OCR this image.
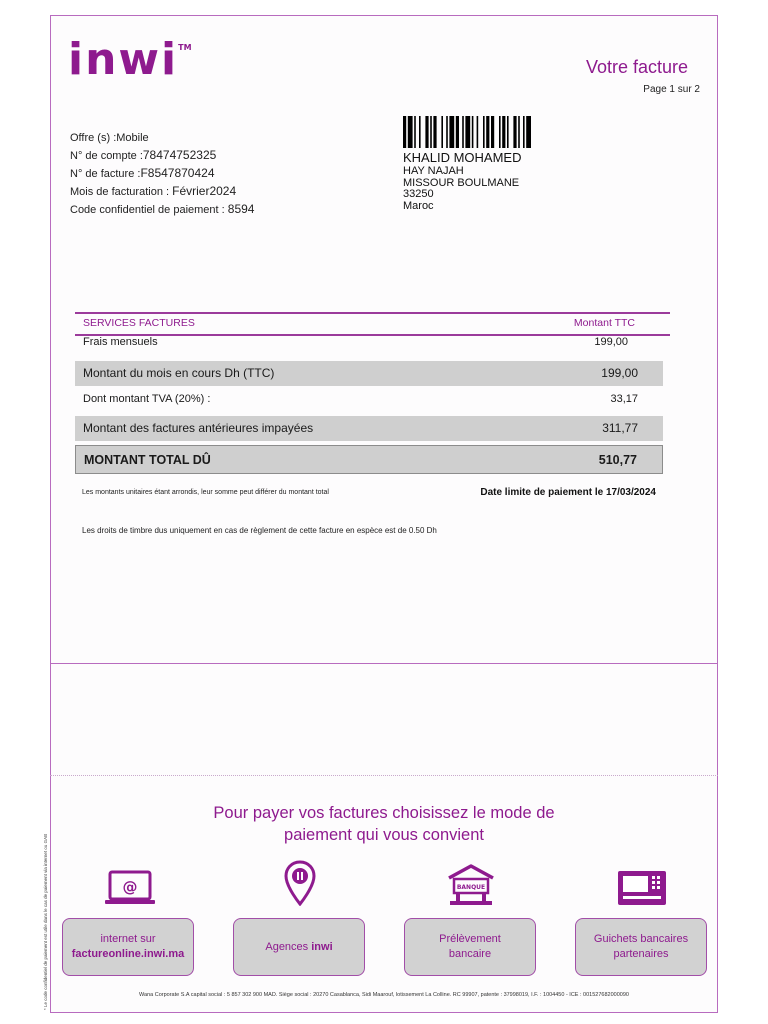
inwi™
Votre facture
Page 1 sur 2
Offre (s) :Mobile
N° de compte :78474752325
N° de facture :F8547870424
Mois de facturation : Février2024
Code confidentiel de paiement : 8594
KHALID MOHAMED
HAY NAJAH
MISSOUR BOULMANE
33250
Maroc
SERVICES FACTURES	Montant TTC
Frais mensuels	199,00
Montant du mois en cours Dh (TTC)	199,00
Dont montant TVA (20%) :	33,17
Montant des factures antérieures impayées	311,77
MONTANT TOTAL DÛ	510,77
Les montants unitaires étant arrondis, leur somme peut différer du montant total	Date limite de paiement le 17/03/2024
Les droits de timbre dus uniquement en cas de règlement de cette facture en espèce est de 0.50 Dh
* Le code confidentiel de paiement est utile dans le cas de paiement via internet ou GAB
Pour payer vos factures choisissez le mode de
paiement qui vous convient
@	BANQUE
internet sur
factureonline.inwi.ma
Agences inwi
Prélèvement
bancaire
Guichets bancaires
partenaires
Wana Corporate S.A capital social : 5 857 302 900 MAD. Siège social : 20270 Casablanca, Sidi Maarouf, lotissement La Colline. RC 99907, patente : 37998019, I.F. : 1004450 - ICE : 001527682000090
